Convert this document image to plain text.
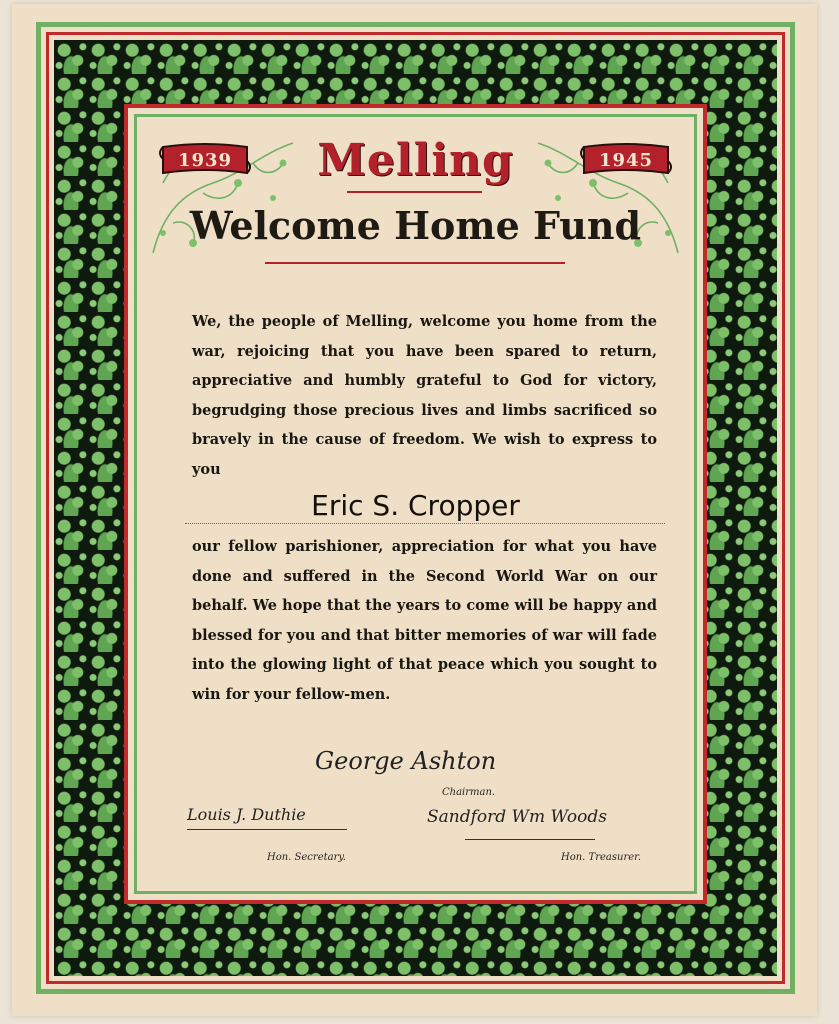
1939	1945
Melling
Welcome Home Fund
We, the people of Melling, welcome you home from the war, rejoicing that you have been spared to return, appreciative and humbly grateful to God for victory, begrudging those precious lives and limbs sacrificed so bravely in the cause of freedom. We wish to express to you
Eric S. Cropper
our fellow parishioner, appreciation for what you have done and suffered in the Second World War on our behalf. We hope that the years to come will be happy and blessed for you and that bitter memories of war will fade into the glowing light of that peace which you sought to win for your fellow-men.
George Ashton
Chairman.
Louis J. Duthie
Hon. Secretary.
Sandford Wm Woods
Hon. Treasurer.
